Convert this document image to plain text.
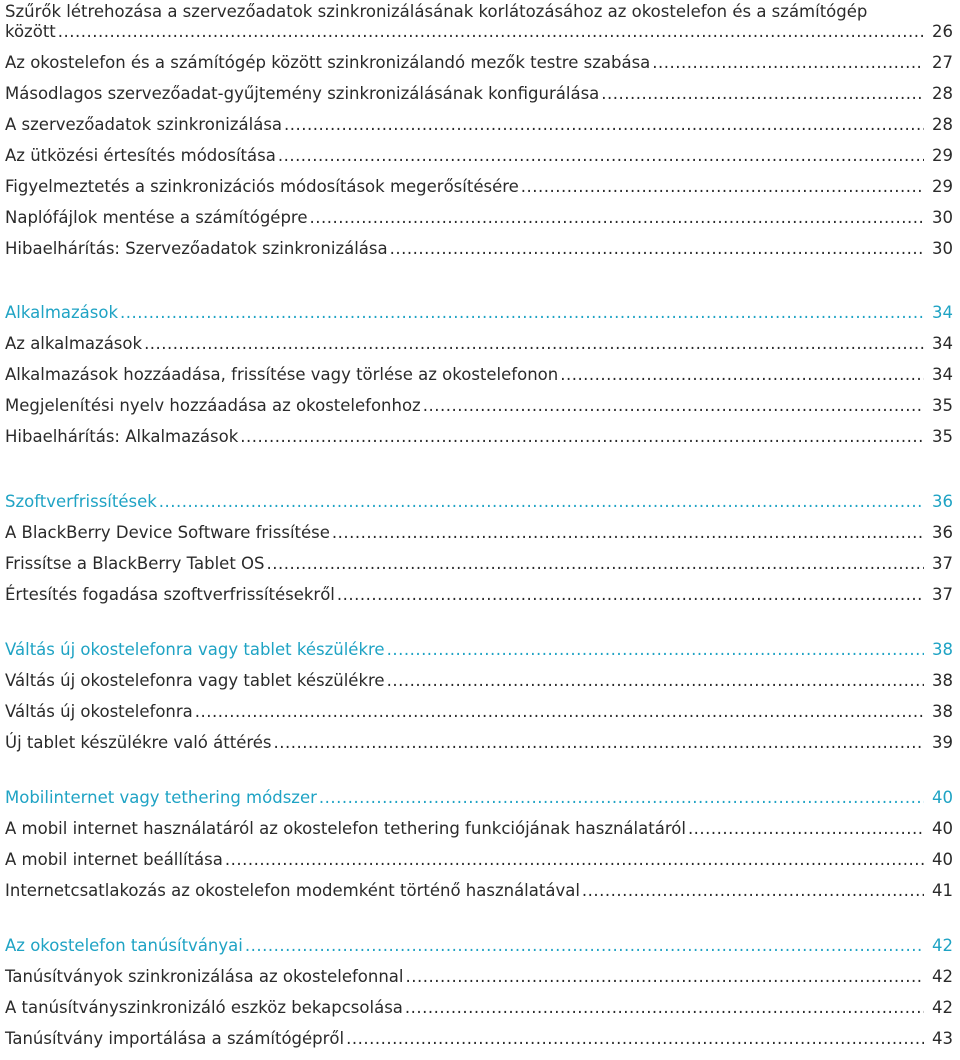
Szűrők létrehozása a szervezőadatok szinkronizálásának korlátozásához az okostelefon és a számítógép
között .....	26
Az okostelefon és a számítógép között szinkronizálandó mezők testre szabása .....	27
Másodlagos szervezőadat-gyűjtemény szinkronizálásának konfigurálása .....	28
A szervezőadatok szinkronizálása .....	28
Az ütközési értesítés módosítása .....	29
Figyelmeztetés a szinkronizációs módosítások megerősítésére .....	29
Naplófájlok mentése a számítógépre .....	30
Hibaelhárítás: Szervezőadatok szinkronizálása .....	30
Alkalmazások .....	34
Az alkalmazások .....	34
Alkalmazások hozzáadása, frissítése vagy törlése az okostelefonon .....	34
Megjelenítési nyelv hozzáadása az okostelefonhoz .....	35
Hibaelhárítás: Alkalmazások .....	35
Szoftverfrissítések .....	36
A BlackBerry Device Software frissítése .....	36
Frissítse a BlackBerry Tablet OS .....	37
Értesítés fogadása szoftverfrissítésekről .....	37
Váltás új okostelefonra vagy tablet készülékre .....	38
Váltás új okostelefonra vagy tablet készülékre .....	38
Váltás új okostelefonra .....	38
Új tablet készülékre való áttérés .....	39
Mobilinternet vagy tethering módszer .....	40
A mobil internet használatáról az okostelefon tethering funkciójának használatáról .....	40
A mobil internet beállítása .....	40
Internetcsatlakozás az okostelefon modemként történő használatával .....	41
Az okostelefon tanúsítványai .....	42
Tanúsítványok szinkronizálása az okostelefonnal .....	42
A tanúsítványszinkronizáló eszköz bekapcsolása .....	42
Tanúsítvány importálása a számítógépről .....	43
